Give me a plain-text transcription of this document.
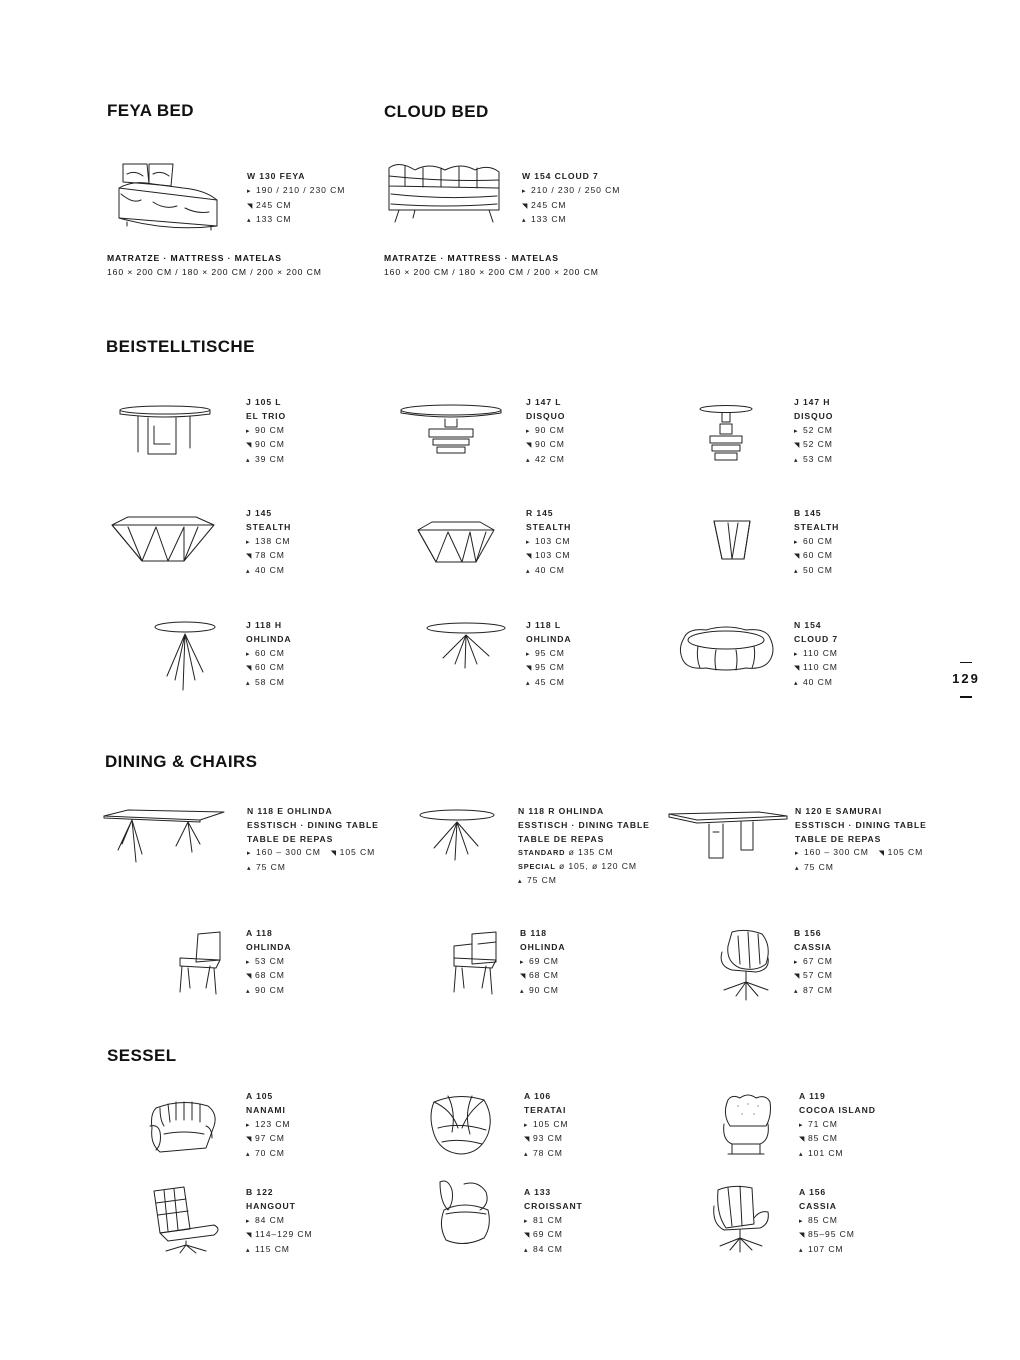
FEYA BED	CLOUD BED
BEISTELLTISCHE
DINING & CHAIRS
SESSEL
W 130 FEYA
▸ 190 / 210 / 230 CM
◥ 245 CM
▴ 133 CM
MATRATZE · MATTRESS · MATELAS
160 × 200 CM / 180 × 200 CM / 200 × 200 CM
W 154 CLOUD 7
▸ 210 / 230 / 250 CM
◥ 245 CM
▴ 133 CM
MATRATZE · MATTRESS · MATELAS
160 × 200 CM / 180 × 200 CM / 200 × 200 CM
J 105 L
EL TRIO
▸ 90 CM
◥ 90 CM
▴ 39 CM
J 147 L
DISQUO
▸ 90 CM
◥ 90 CM
▴ 42 CM
J 147 H
DISQUO
▸ 52 CM
◥ 52 CM
▴ 53 CM
J 145
STEALTH
▸ 138 CM
◥ 78 CM
▴ 40 CM
R 145
STEALTH
▸ 103 CM
◥ 103 CM
▴ 40 CM
B 145
STEALTH
▸ 60 CM
◥ 60 CM
▴ 50 CM
J 118 H
OHLINDA
▸ 60 CM
◥ 60 CM
▴ 58 CM
J 118 L
OHLINDA
▸ 95 CM
◥ 95 CM
▴ 45 CM
N 154
CLOUD 7
▸ 110 CM
◥ 110 CM
▴ 40 CM	129
N 118 E OHLINDA
ESSTISCH · DINING TABLE
TABLE DE REPAS
▸ 160 – 300 CM ◥ 105 CM
▴ 75 CM
N 118 R OHLINDA
ESSTISCH · DINING TABLE
TABLE DE REPAS
STANDARD ø 135 CM
SPECIAL ø 105, ø 120 CM
▴ 75 CM
N 120 E SAMURAI
ESSTISCH · DINING TABLE
TABLE DE REPAS
▸ 160 – 300 CM ◥ 105 CM
▴ 75 CM
A 118
OHLINDA
▸ 53 CM
◥ 68 CM
▴ 90 CM
B 118
OHLINDA
▸ 69 CM
◥ 68 CM
▴ 90 CM
B 156
CASSIA
▸ 67 CM
◥ 57 CM
▴ 87 CM
A 105
NANAMI
▸ 123 CM
◥ 97 CM
▴ 70 CM
A 106
TERATAI
▸ 105 CM
◥ 93 CM
▴ 78 CM
A 119
COCOA ISLAND
▸ 71 CM
◥ 85 CM
▴ 101 CM
B 122
HANGOUT
▸ 84 CM
◥ 114–129 CM
▴ 115 CM
A 133
CROISSANT
▸ 81 CM
◥ 69 CM
▴ 84 CM
A 156
CASSIA
▸ 85 CM
◥ 85–95 CM
▴ 107 CM
